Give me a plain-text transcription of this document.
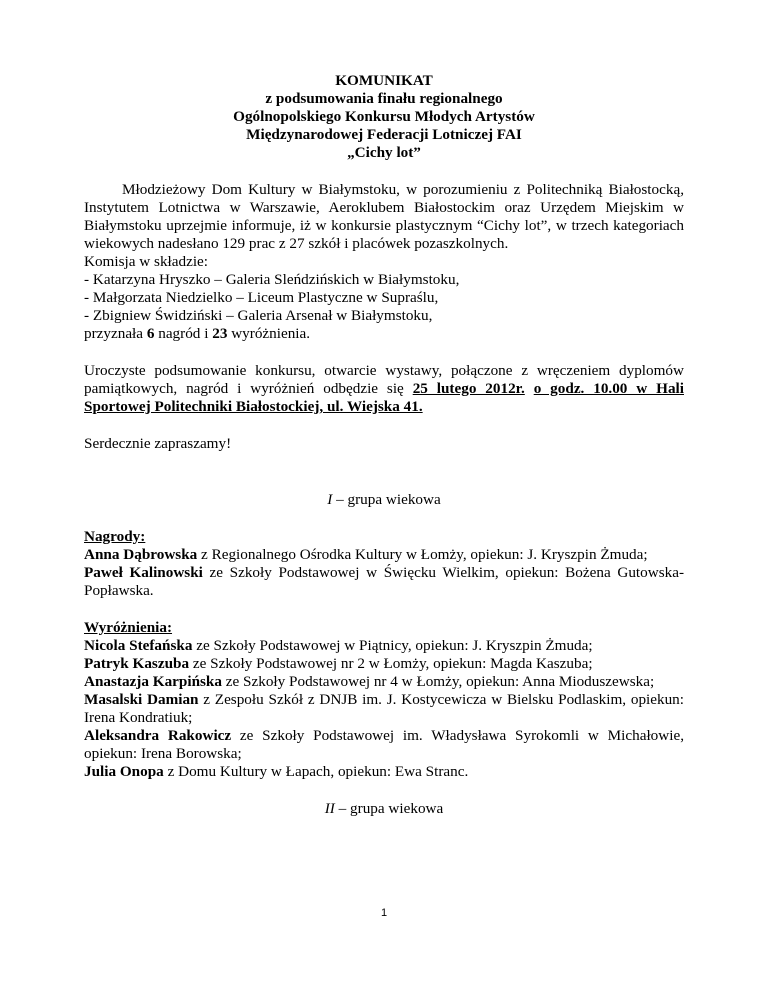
KOMUNIKAT
z podsumowania finału regionalnego
Ogólnopolskiego Konkursu Młodych Artystów
Międzynarodowej Federacji Lotniczej FAI
„Cichy lot”
Młodzieżowy Dom Kultury w Białymstoku, w porozumieniu z Politechniką Białostocką, Instytutem Lotnictwa w Warszawie, Aeroklubem Białostockim oraz Urzędem Miejskim w Białymstoku uprzejmie informuje, iż w konkursie plastycznym “Cichy lot”, w trzech kategoriach wiekowych nadesłano 129 prac z 27 szkół i placówek pozaszkolnych.
Komisja w składzie:
- Katarzyna Hryszko – Galeria Sleńdzińskich w Białymstoku,
- Małgorzata Niedzielko – Liceum Plastyczne w Supraślu,
- Zbigniew Świdziński – Galeria Arsenał w Białymstoku,
przyznała 6 nagród i 23 wyróżnienia.
Uroczyste podsumowanie konkursu, otwarcie wystawy, połączone z wręczeniem dyplomów pamiątkowych, nagród i wyróżnień odbędzie się 25 lutego 2012r. o godz. 10.00 w Hali Sportowej Politechniki Białostockiej, ul. Wiejska 41.
Serdecznie zapraszamy!
I – grupa wiekowa
Nagrody:
Anna Dąbrowska z Regionalnego Ośrodka Kultury w Łomży, opiekun: J. Kryszpin Żmuda;
Paweł Kalinowski ze Szkoły Podstawowej w Święcku Wielkim, opiekun: Bożena Gutowska-Popławska.
Wyróżnienia:
Nicola Stefańska ze Szkoły Podstawowej w Piątnicy, opiekun: J. Kryszpin Żmuda;
Patryk Kaszuba ze Szkoły Podstawowej nr 2 w Łomży, opiekun: Magda Kaszuba;
Anastazja Karpińska ze Szkoły Podstawowej nr 4 w Łomży, opiekun: Anna Mioduszewska;
Masalski Damian z Zespołu Szkół z DNJB im. J. Kostycewicza w Bielsku Podlaskim, opiekun: Irena Kondratiuk;
Aleksandra Rakowicz ze Szkoły Podstawowej im. Władysława Syrokomli w Michałowie, opiekun: Irena Borowska;
Julia Onopa z Domu Kultury w Łapach, opiekun: Ewa Stranc.
II – grupa wiekowa
1
